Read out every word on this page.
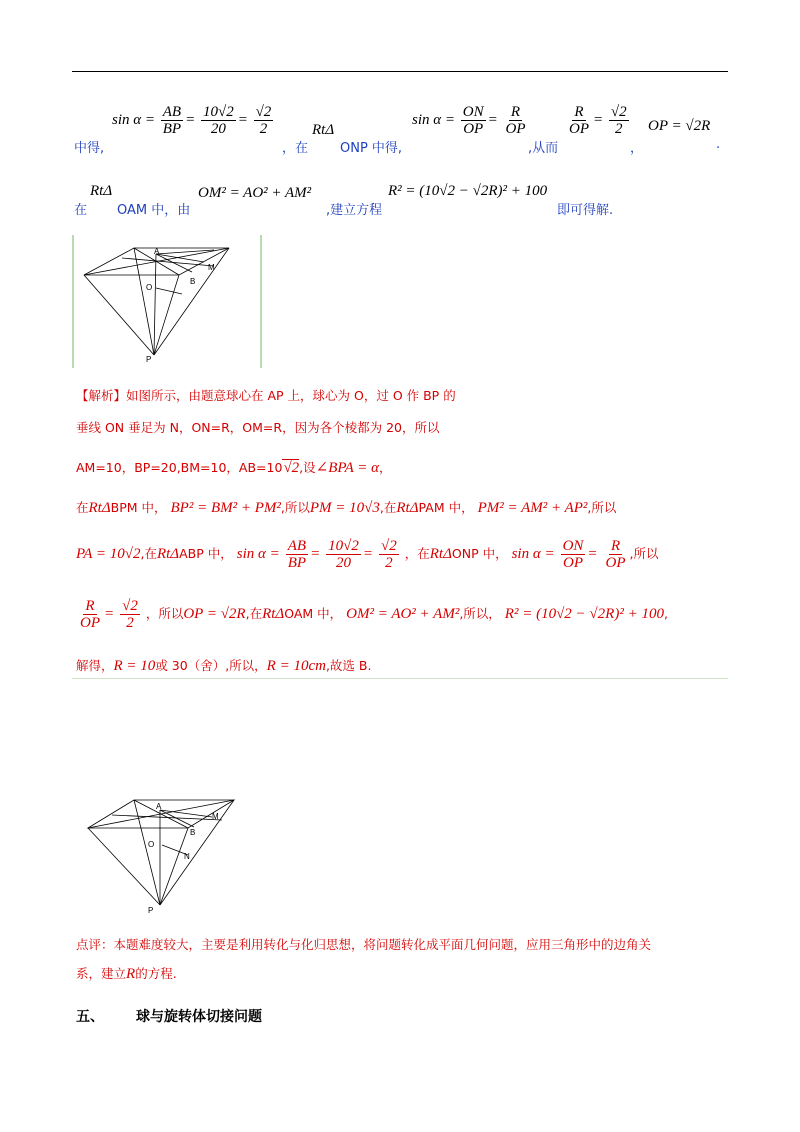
$\sin \alpha = \frac{AB}{BP} = \frac{10√2}{20} = \frac{√2}{2}$
中得,	，在
RtΔ
ONP 中得,
$\sin \alpha = \frac{ON}{OP} = \frac{R}{OP}$
,从而
$\frac{R}{OP} = \frac{√2}{2}$
，
OP = √2R
.
在
RtΔ
OAM 中，由
OM² = AO² + AM²
,建立方程
R² = (10√2 − √2R)² + 100
即可得解.
A
O
B
M
P
【解析】如图所示，由题意球心在 AP 上，球心为 O，过 O 作 BP 的
垂线 ON 垂足为 N，ON=R，OM=R，因为各个棱都为 20，所以
AM=10，BP=20,BM=10，AB=10√2,设∠BPA = α，
在RtΔBPM 中， BP² = BM² + PM²,所以PM = 10√3,在RtΔPAM 中， PM² = AM² + AP²,所以
PA = 10√2,在RtΔABP 中， $\sin \alpha = \frac{AB}{BP} = \frac{10√2}{20} = \frac{√2}{2}$ ，在RtΔONP 中， $\sin \alpha = \frac{ON}{OP} = \frac{R}{OP}$ ,所以
$\frac{R}{OP} = \frac{√2}{2}$ ，所以OP = √2R,在RtΔOAM 中， OM² = AO² + AM²,所以， R² = (10√2 − √2R)² + 100,
解得，R = 10或 30（舍）,所以，R = 10cm,故选 B.
A
M
O
B
N
P
点评：本题难度较大，主要是利用转化与化归思想，将问题转化成平面几何问题，应用三角形中的边角关
系，建立R的方程.
五、 球与旋转体切接问题
